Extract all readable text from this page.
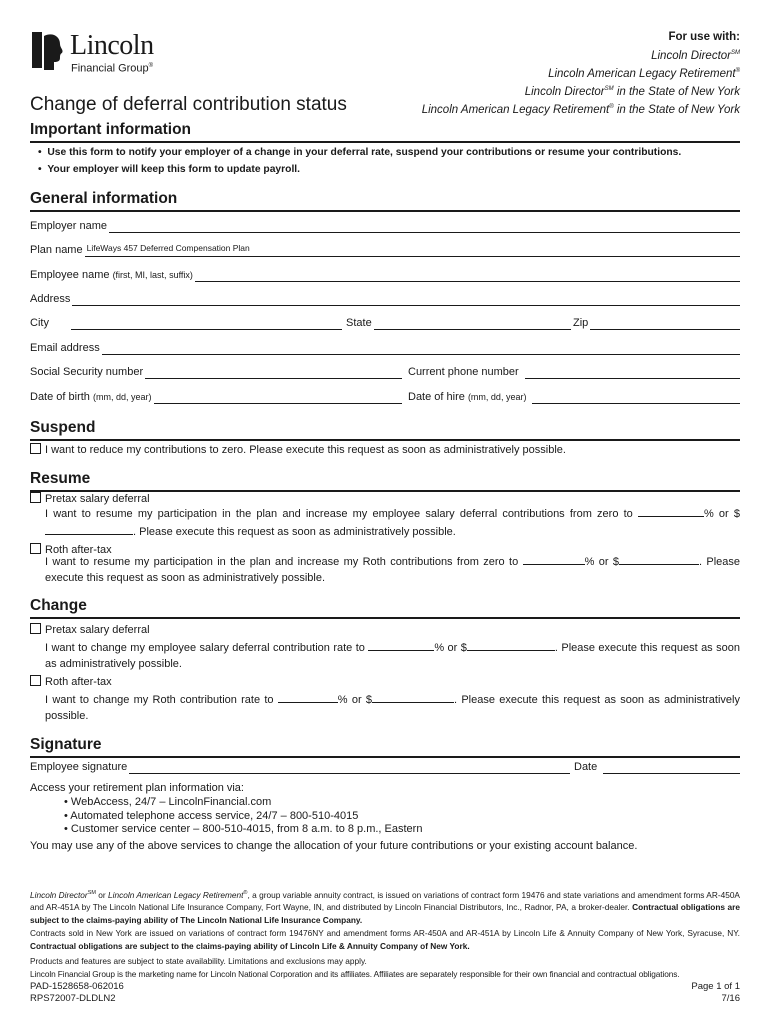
Lincoln
Financial Group®
For use with:
Lincoln Director℠
Lincoln American Legacy Retirement®
Lincoln Director℠ in the State of New York
Lincoln American Legacy Retirement® in the State of New York
Change of deferral contribution status
Important information
•  Use this form to notify your employer of a change in your deferral rate, suspend your contributions or resume your contributions.
•  Your employer will keep this form to update payroll.
General information
Employer name
Plan name LifeWays 457 Deferred Compensation Plan
Employee name (first, MI, last, suffix)
Address
City	State	Zip
Email address
Social Security number	Current phone number
Date of birth (mm, dd, year)	Date of hire (mm, dd, year)
Suspend
I want to reduce my contributions to zero. Please execute this request as soon as administratively possible.
Resume
Pretax salary deferral
I want to resume my participation in the plan and increase my employee salary deferral contributions from zero to	% or $. Please execute this request as soon as administratively possible.
Roth after-tax
I want to resume my participation in the plan and increase my Roth contributions from zero to	% or $	. Please execute this request as soon as administratively possible.
Change
Pretax salary deferral
I want to change my employee salary deferral contribution rate to	% or $	. Please execute this request as soon as administratively possible.
Roth after-tax
I want to change my Roth contribution rate to	% or $	. Please execute this request as soon as administratively possible.
Signature
Employee signature	Date
Access your retirement plan information via:
• WebAccess, 24/7 – LincolnFinancial.com
• Automated telephone access service, 24/7 – 800-510-4015
• Customer service center – 800-510-4015, from 8 a.m. to 8 p.m., Eastern
You may use any of the above services to change the allocation of your future contributions or your existing account balance.
Lincoln Director℠ or Lincoln American Legacy Retirement®, a group variable annuity contract, is issued on variations of contract form 19476 and state variations and amendment forms AR-450A and AR-451A by The Lincoln National Life Insurance Company, Fort Wayne, IN, and distributed by Lincoln Financial Distributors, Inc., Radnor, PA, a broker-dealer. Contractual obligations are subject to the claims-paying ability of The Lincoln National Life Insurance Company.
Contracts sold in New York are issued on variations of contract form 19476NY and amendment forms AR-450A and AR-451A by Lincoln Life & Annuity Company of New York, Syracuse, NY. Contractual obligations are subject to the claims-paying ability of Lincoln Life & Annuity Company of New York.
Products and features are subject to state availability. Limitations and exclusions may apply.
Lincoln Financial Group is the marketing name for Lincoln National Corporation and its affiliates. Affiliates are separately responsible for their own financial and contractual obligations.
PAD-1528658-062016
RPS72007-DLDLN2
Page 1 of 1
7/16
